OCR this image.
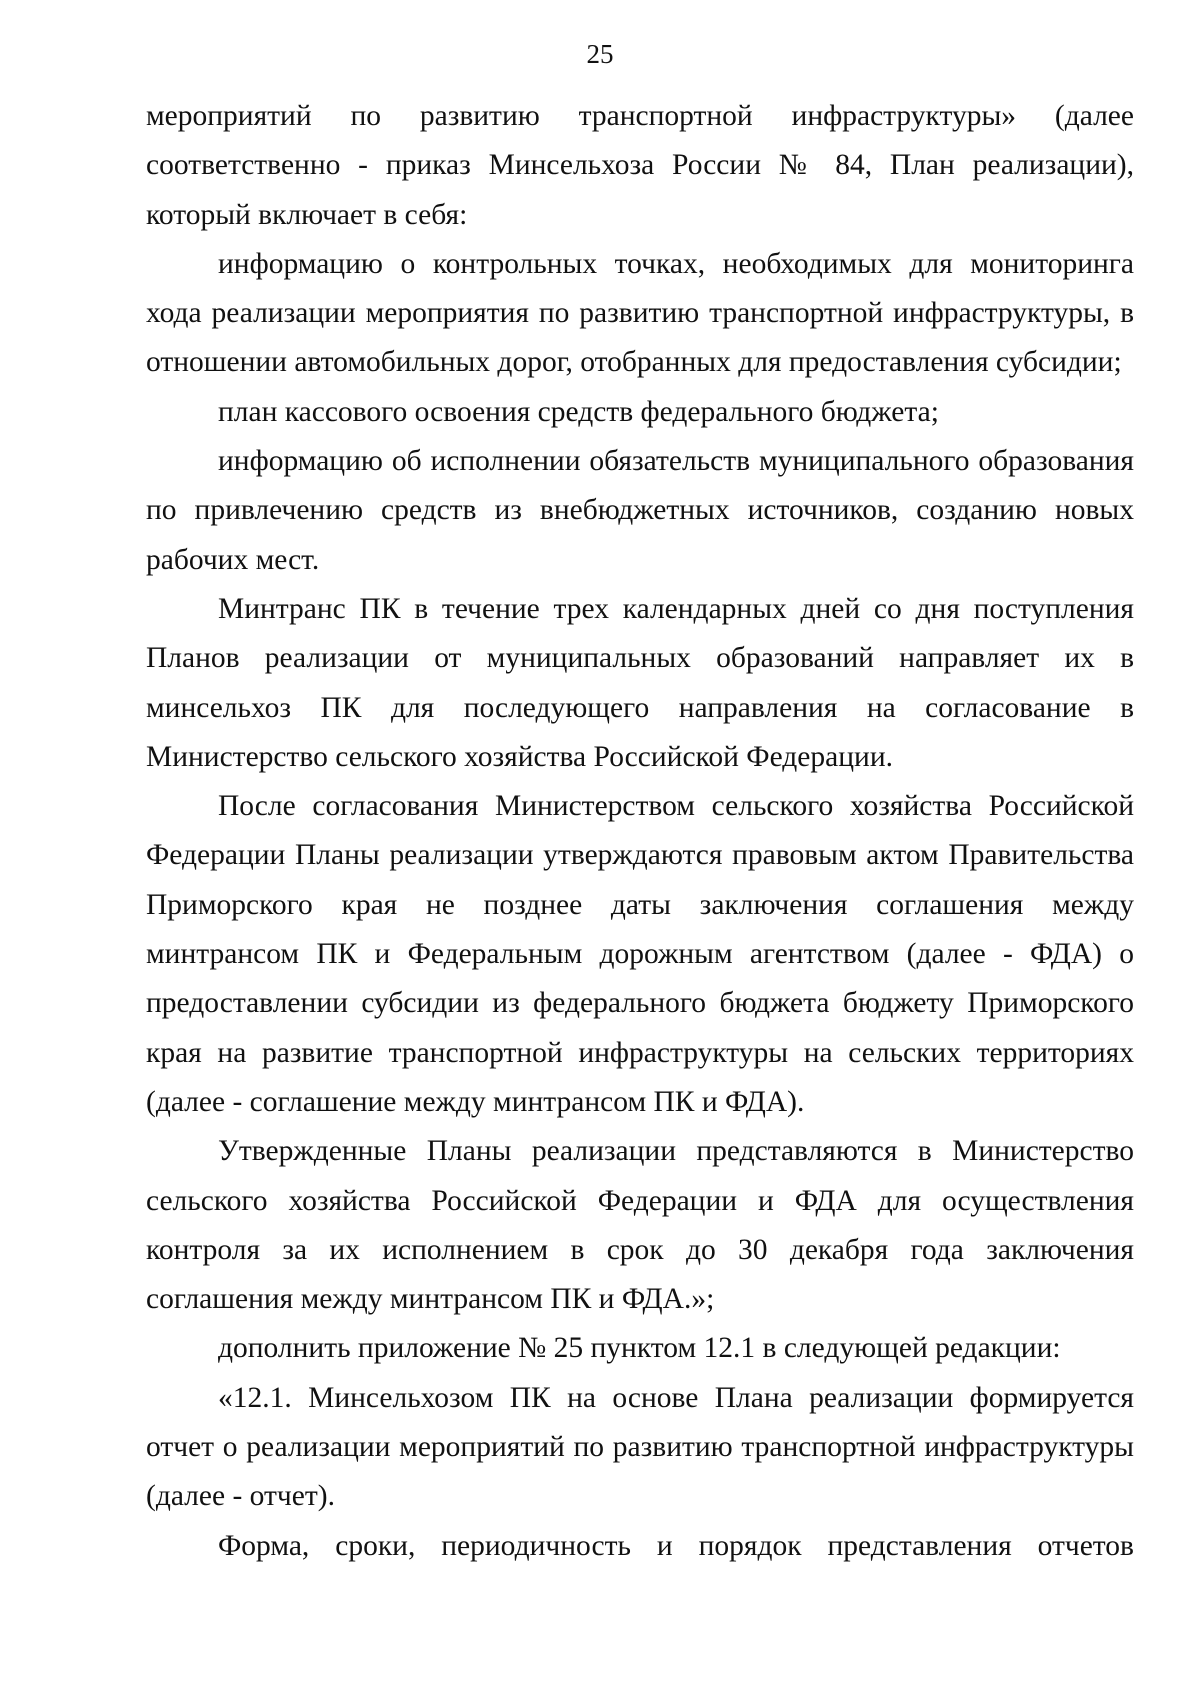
25

мероприятий по развитию транспортной инфраструктуры» (далее соответственно - приказ Минсельхоза России № 84, План реализации), который включает в себя:

информацию о контрольных точках, необходимых для мониторинга хода реализации мероприятия по развитию транспортной инфраструктуры, в отношении автомобильных дорог, отобранных для предоставления субсидии;

план кассового освоения средств федерального бюджета;

информацию об исполнении обязательств муниципального образования по привлечению средств из внебюджетных источников, созданию новых рабочих мест.

Минтранс ПК в течение трех календарных дней со дня поступления Планов реализации от муниципальных образований направляет их в минсельхоз ПК для последующего направления на согласование в Министерство сельского хозяйства Российской Федерации.

После согласования Министерством сельского хозяйства Российской Федерации Планы реализации утверждаются правовым актом Правительства Приморского края не позднее даты заключения соглашения между минтрансом ПК и Федеральным дорожным агентством (далее - ФДА) о предоставлении субсидии из федерального бюджета бюджету Приморского края на развитие транспортной инфраструктуры на сельских территориях (далее - соглашение между минтрансом ПК и ФДА).

Утвержденные Планы реализации представляются в Министерство сельского хозяйства Российской Федерации и ФДА для осуществления контроля за их исполнением в срок до 30 декабря года заключения соглашения между минтрансом ПК и ФДА.»;

дополнить приложение № 25 пунктом 12.1 в следующей редакции:

«12.1. Минсельхозом ПК на основе Плана реализации формируется отчет о реализации мероприятий по развитию транспортной инфраструктуры (далее - отчет).

Форма, сроки, периодичность и порядок представления отчетов
